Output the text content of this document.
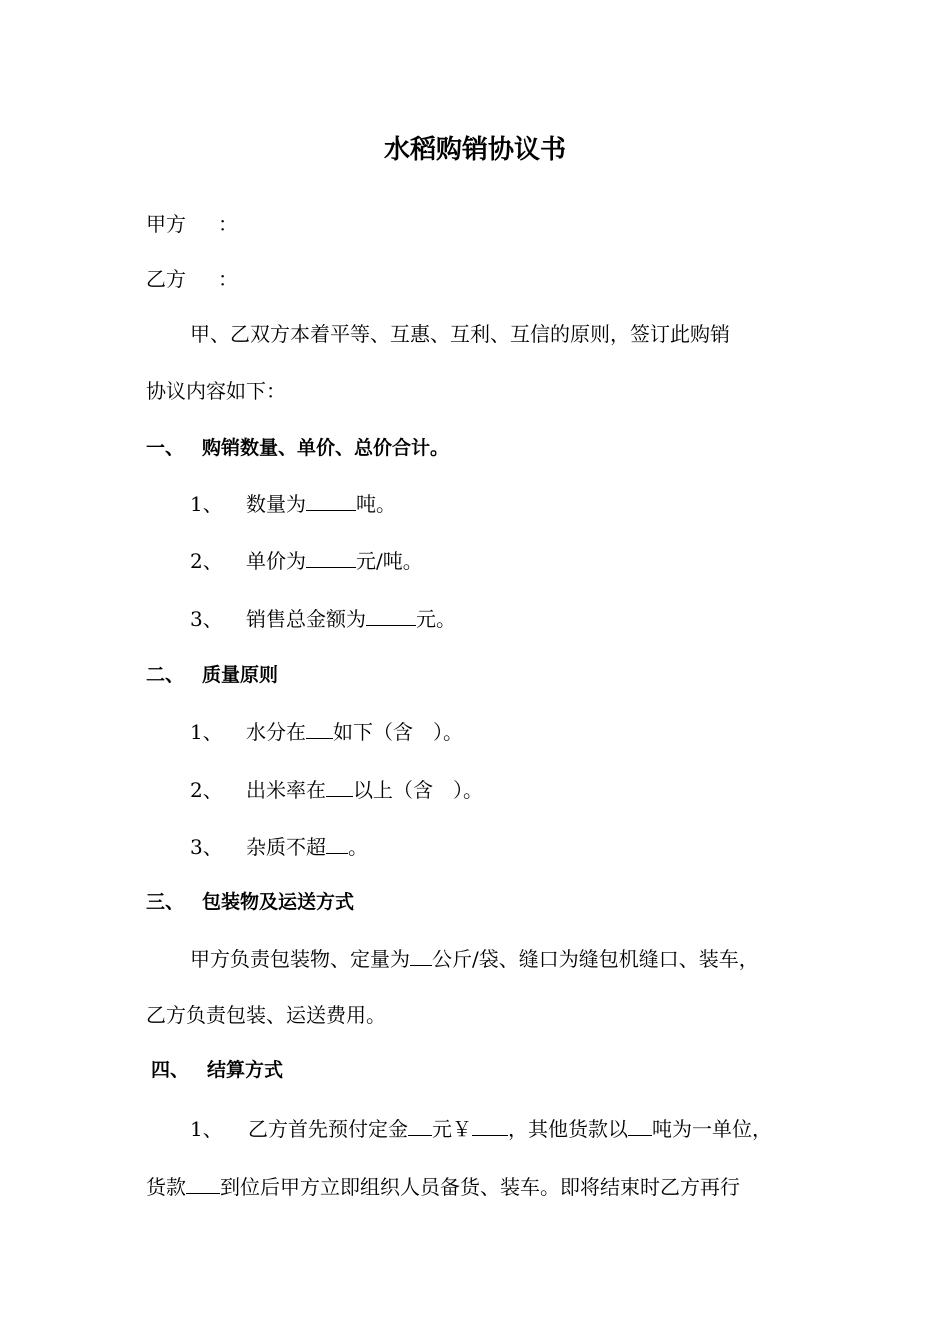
水稻购销协议书
甲方 ：
乙方 ：
甲、乙双方本着平等、互惠、互利、互信的原则，签订此购销
协议内容如下：
一、 购销数量、单价、总价合计。
1、 数量为	吨。
2、 单价为	元/吨。
3、 销售总金额为	元。
二、 质量原则
1、 水分在 如下（含　）。
2、 出米率在 以上（含　）。
3、 杂质不超 。
三、 包装物及运送方式
甲方负责包装物、定量为 公斤/袋、缝口为缝包机缝口、装车，
乙方负责包装、运送费用。
四、 结算方式
1、 乙方首先预付定金 元￥ ，其他货款以 吨为一单位，
货款 到位后甲方立即组织人员备货、装车。即将结束时乙方再行
